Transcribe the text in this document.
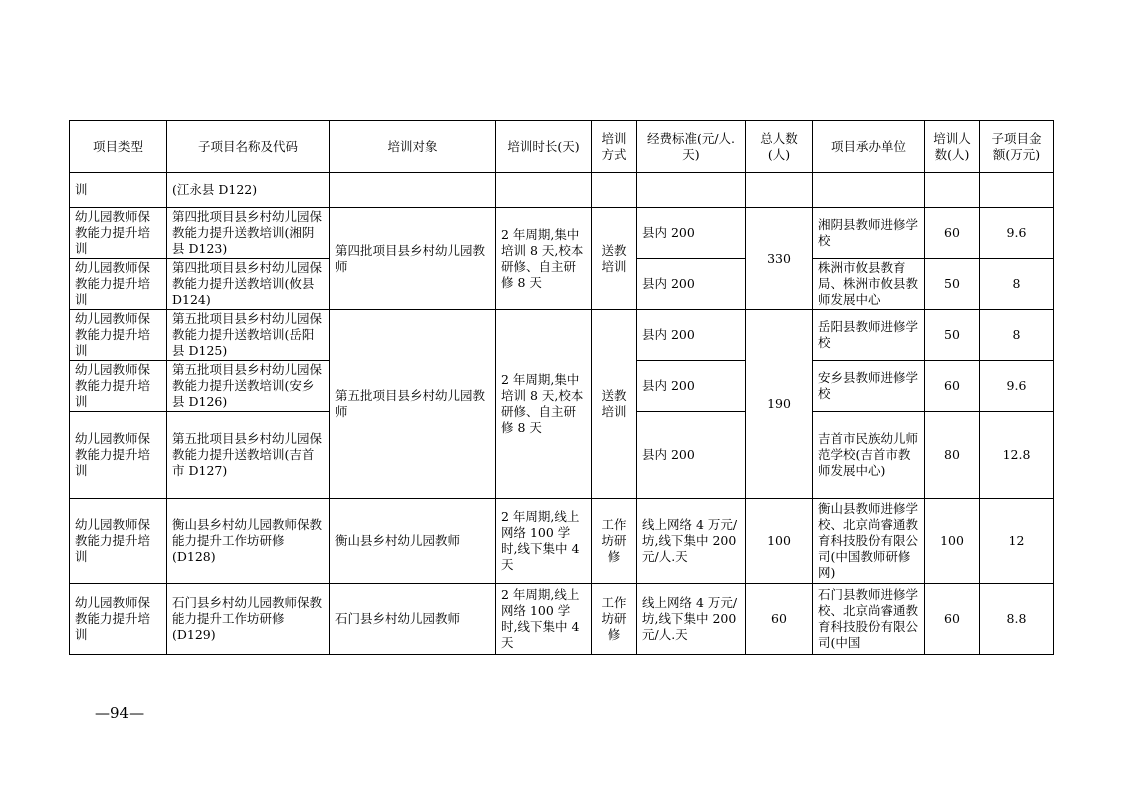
项目类型	子项目名称及代码	培训对象	培训时长(天)	培训方式	经费标准(元/人.天)	总人数(人)	项目承办单位	培训人数(人)	子项目金 额(万元)
训	(江永县 D122)								
幼儿园教师保教能力提升培训	第四批项目县乡村幼儿园保教能力提升送教培训(湘阴县 D123)	第四批项目县乡村幼儿园教师	2 年周期,集中培训 8 天,校本研修、自主研修 8 天	送教培训	县内 200	330	湘阴县教师进修学校	60	9.6
幼儿园教师保教能力提升培训	第四批项目县乡村幼儿园保教能力提升送教培训(攸县 D124)				县内 200		株洲市攸县教育局、株洲市攸县教师发展中心	50	8
幼儿园教师保教能力提升培训	第五批项目县乡村幼儿园保教能力提升送教培训(岳阳县 D125)	第五批项目县乡村幼儿园教师	2 年周期,集中培训 8 天,校本研修、自主研修 8 天	送教培训	县内 200	190	岳阳县教师进修学校	50	8
幼儿园教师保教能力提升培训	第五批项目县乡村幼儿园保教能力提升送教培训(安乡县 D126)				县内 200		安乡县教师进修学校	60	9.6
幼儿园教师保教能力提升培训	第五批项目县乡村幼儿园保教能力提升送教培训(吉首市 D127)				县内 200		吉首市民族幼儿师范学校(吉首市教师发展中心)	80	12.8
幼儿园教师保教能力提升培训	衡山县乡村幼儿园教师保教能力提升工作坊研修(D128)	衡山县乡村幼儿园教师	2 年周期,线上网络 100 学时,线下集中 4 天	工作坊研修	线上网络 4 万元/坊,线下集中 200 元/人.天	100	衡山县教师进修学校、北京尚睿通教育科技股份有限公司(中国教师研修网)	100	12
幼儿园教师保教能力提升培训	石门县乡村幼儿园教师保教能力提升工作坊研修(D129)	石门县乡村幼儿园教师	2 年周期,线上网络 100 学时,线下集中 4 天	工作坊研修	线上网络 4 万元/坊,线下集中 200 元/人.天	60	石门县教师进修学校、北京尚睿通教育科技股份有限公司(中国	60	8.8
—94—
